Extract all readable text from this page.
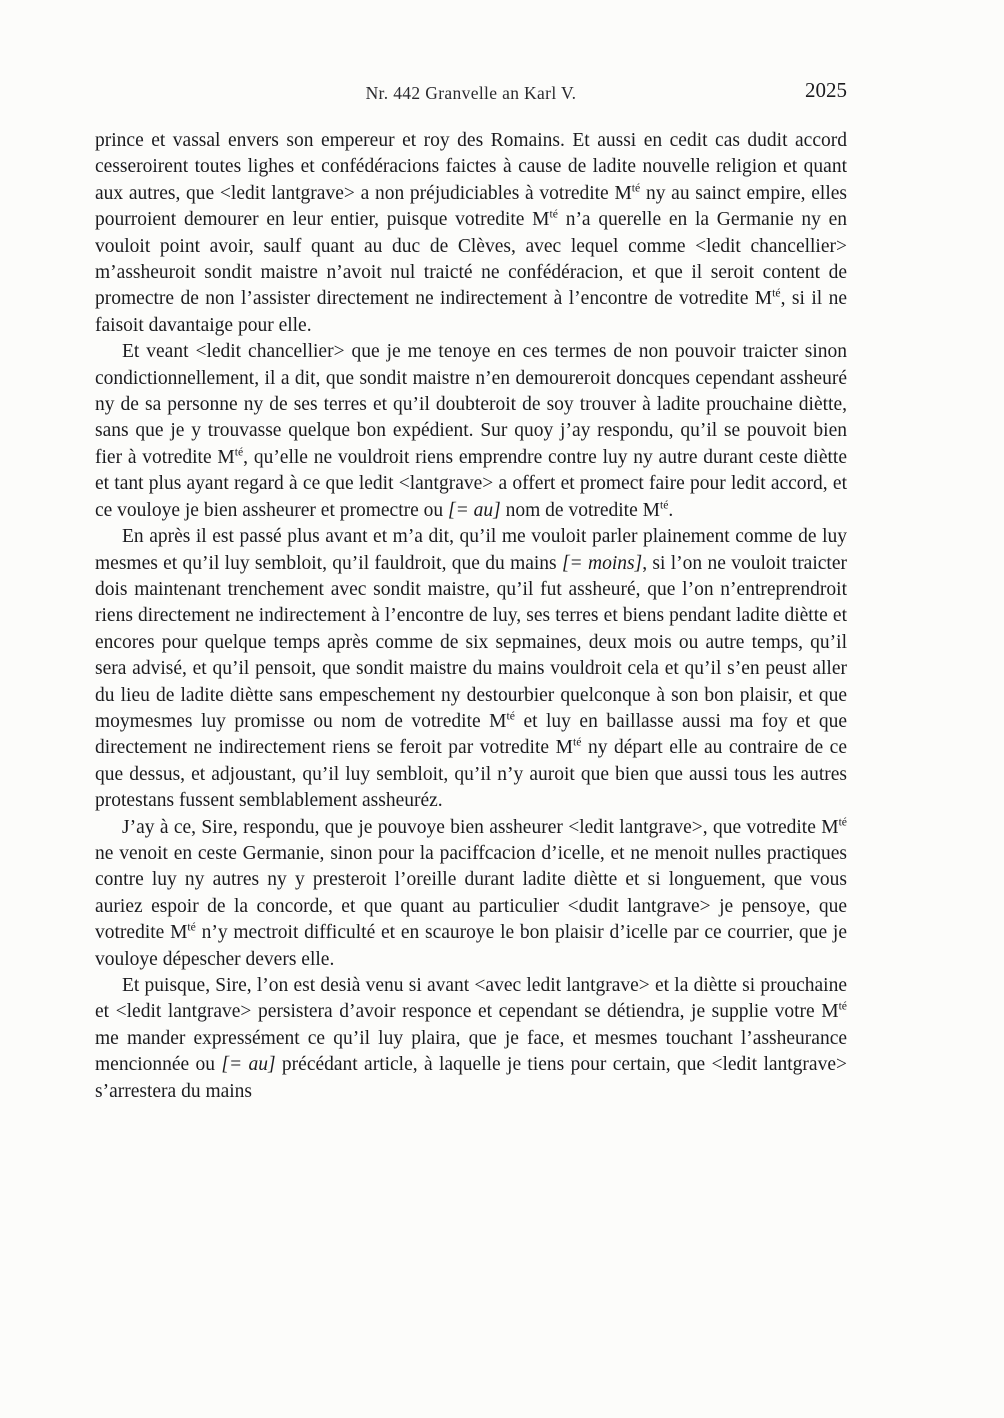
Nr. 442 Granvelle an Karl V.	2025

prince et vassal envers son empereur et roy des Romains. Et aussi en cedit cas dudit accord cesseroirent toutes lighes et confédéracions faictes à cause de ladite nouvelle religion et quant aux autres, que <ledit lantgrave> a non préjudiciables à votredite $M^{té}$ ny au sainct empire, elles pourroient demourer en leur entier, puisque votredite $M^{té}$ n’a querelle en la Germanie ny en vouloit point avoir, saulf quant au duc de Clèves, avec lequel comme <ledit chancellier> m’assheuroit sondit maistre n’avoit nul traicté ne confédéracion, et que il seroit content de promectre de non l’assister directement ne indirectement à l’encontre de votredite $M^{té}$, si il ne faisoit davantaige pour elle.

Et veant <ledit chancellier> que je me tenoye en ces termes de non pouvoir traicter sinon condictionnellement, il a dit, que sondit maistre n’en demoureroit doncques cependant assheuré ny de sa personne ny de ses terres et qu’il doubteroit de soy trouver à ladite prouchaine diètte, sans que je y trouvasse quelque bon expédient. Sur quoy j’ay respondu, qu’il se pouvoit bien fier à votredite $M^{té}$, qu’elle ne vouldroit riens emprendre contre luy ny autre durant ceste diètte et tant plus ayant regard à ce que ledit <lantgrave> a offert et promect faire pour ledit accord, et ce vouloye je bien assheurer et promectre ou [= au] nom de votredite $M^{té}$.

En après il est passé plus avant et m’a dit, qu’il me vouloit parler plainement comme de luy mesmes et qu’il luy sembloit, qu’il fauldroit, que du mains [= moins], si l’on ne vouloit traicter dois maintenant trenchement avec sondit maistre, qu’il fut assheuré, que l’on n’entreprendroit riens directement ne indirectement à l’encontre de luy, ses terres et biens pendant ladite diètte et encores pour quelque temps après comme de six sepmaines, deux mois ou autre temps, qu’il sera advisé, et qu’il pensoit, que sondit maistre du mains vouldroit cela et qu’il s’en peust aller du lieu de ladite diètte sans empeschement ny destourbier quelconque à son bon plaisir, et que moymesmes luy promisse ou nom de votredite $M^{té}$ et luy en baillasse aussi ma foy et que directement ne indirectement riens se feroit par votredite $M^{té}$ ny départ elle au contraire de ce que dessus, et adjoustant, qu’il luy sembloit, qu’il n’y auroit que bien que aussi tous les autres protestans fussent semblablement assheuréz.

J’ay à ce, Sire, respondu, que je pouvoye bien assheurer <ledit lantgrave>, que votredite $M^{té}$ ne venoit en ceste Germanie, sinon pour la paciffcacion d’icelle, et ne menoit nulles practiques contre luy ny autres ny y presteroit l’oreille durant ladite diètte et si longuement, que vous auriez espoir de la concorde, et que quant au particulier <dudit lantgrave> je pensoye, que votredite $M^{té}$ n’y mectroit difficulté et en scauroye le bon plaisir d’icelle par ce courrier, que je vouloye dépescher devers elle.

Et puisque, Sire, l’on est desià venu si avant <avec ledit lantgrave> et la diètte si prouchaine et <ledit lantgrave> persistera d’avoir responce et cependant se détiendra, je supplie votre $M^{té}$ me mander expressément ce qu’il luy plaira, que je face, et mesmes touchant l’assheurance mencionnée ou [= au] précédant article, à laquelle je tiens pour certain, que <ledit lantgrave> s’arrestera du mains
